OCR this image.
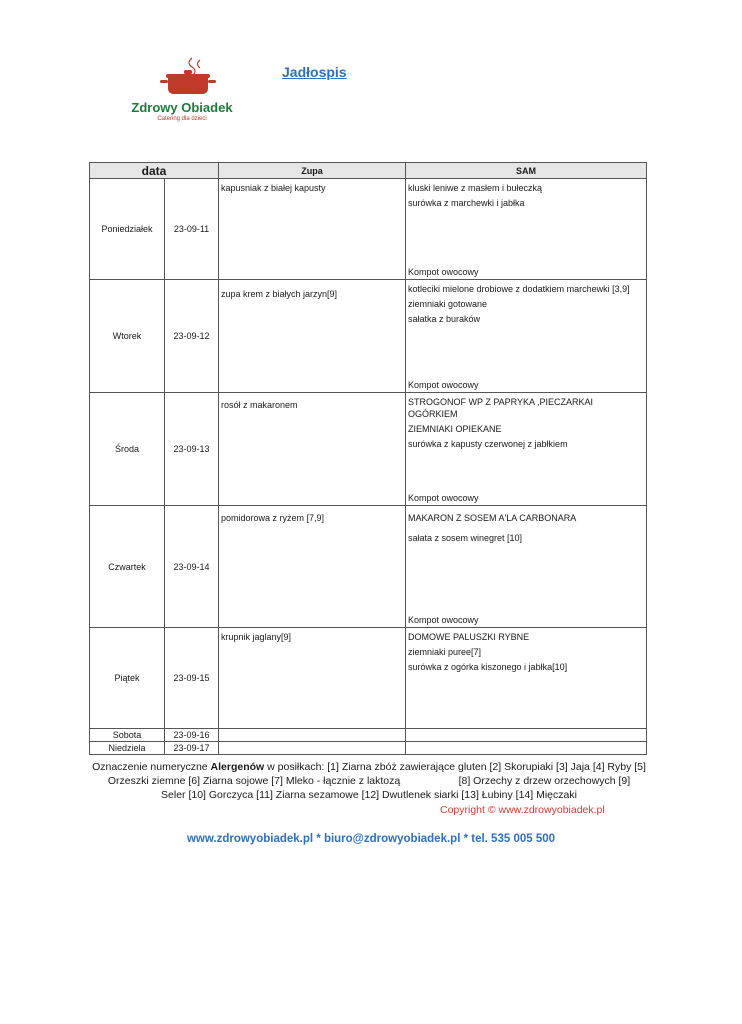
Zdrowy Obiadek
Catering dla dzieci
Jadłospis
data		Zupa	SAM
Poniedziałek	23-09-11	kapusniak z białej kapusty	kluski leniwe z masłem i bułeczką
surówka z marchewki i jabłka
Kompot owocowy

Wtorek	23-09-12	zupa krem z białych jarzyn[9]	kotleciki mielone drobiowe z dodatkiem marchewki [3,9]
ziemniaki gotowane
sałatka z buraków
Kompot owocowy

Środa	23-09-13	rosół z makaronem	STROGONOF WP Z PAPRYKA ,PIECZARKAI OGÓRKIEM
ZIEMNIAKI OPIEKANE
surówka z kapusty czerwonej z jabłkiem
Kompot owocowy

Czwartek	23-09-14	pomidorowa z ryżem [7,9]	MAKARON Z SOSEM A'LA CARBONARA
sałata z sosem winegret [10]
Kompot owocowy

Piątek	23-09-15	krupnik jaglany[9]	DOMOWE PALUSZKI RYBNE
ziemniaki puree[7]
surówka z ogórka kiszonego i jabłka[10]

Sobota	23-09-16		
Niedziela	23-09-17		
Oznaczenie numeryczne Alergenów w posiłkach: [1] Ziarna zbóż zawierające gluten [2] Skorupiaki [3] Jaja [4] Ryby [5]
Orzeszki ziemne [6] Ziarna sojowe [7] Mleko - łącznie z laktozą                    [8] Orzechy z drzew orzechowych [9]
Seler [10] Gorczyca [11] Ziarna sezamowe [12] Dwutlenek siarki [13] Łubiny [14] Mięczaki
Copyright © www.zdrowyobiadek.pl
www.zdrowyobiadek.pl * biuro@zdrowyobiadek.pl * tel. 535 005 500
